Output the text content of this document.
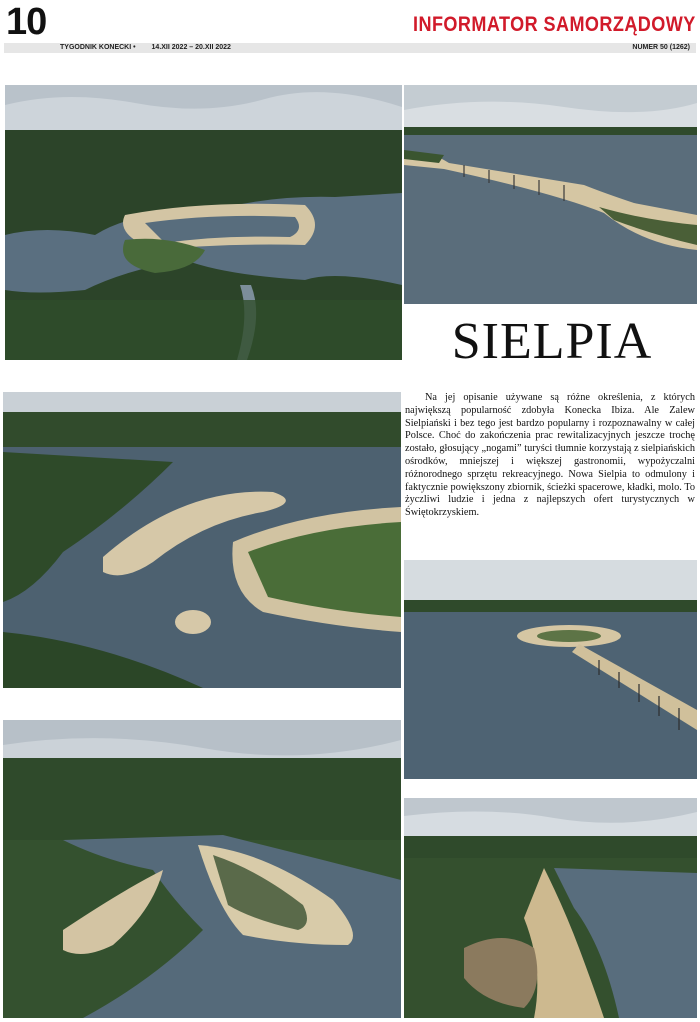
10	INFORMATOR SAMORZĄDOWY
TYGODNIK KONECKI • 14.XII 2022 – 20.XII 2022	NUMER 50 (1262)
SIELPIA

Na jej opisanie używane są różne określenia, z których największą popularność zdobyła Konecka Ibiza. Ale Zalew Sielpiański i bez tego jest bardzo popularny i rozpoznawalny w całej Polsce. Choć do zakończenia prac rewitalizacyjnych jeszcze trochę zostało, głosujący „nogami” turyści tłumnie korzystają z sielpiańskich ośrodków, mniejszej i większej gastronomii, wypożyczalni różnorodnego sprzętu rekreacyjnego. Nowa Sielpia to odmulony i faktycznie powiększony zbiornik, ścieżki spacerowe, kładki, molo. To życzliwi ludzie i jedna z najlepszych ofert turystycznych w Świętokrzyskiem.
